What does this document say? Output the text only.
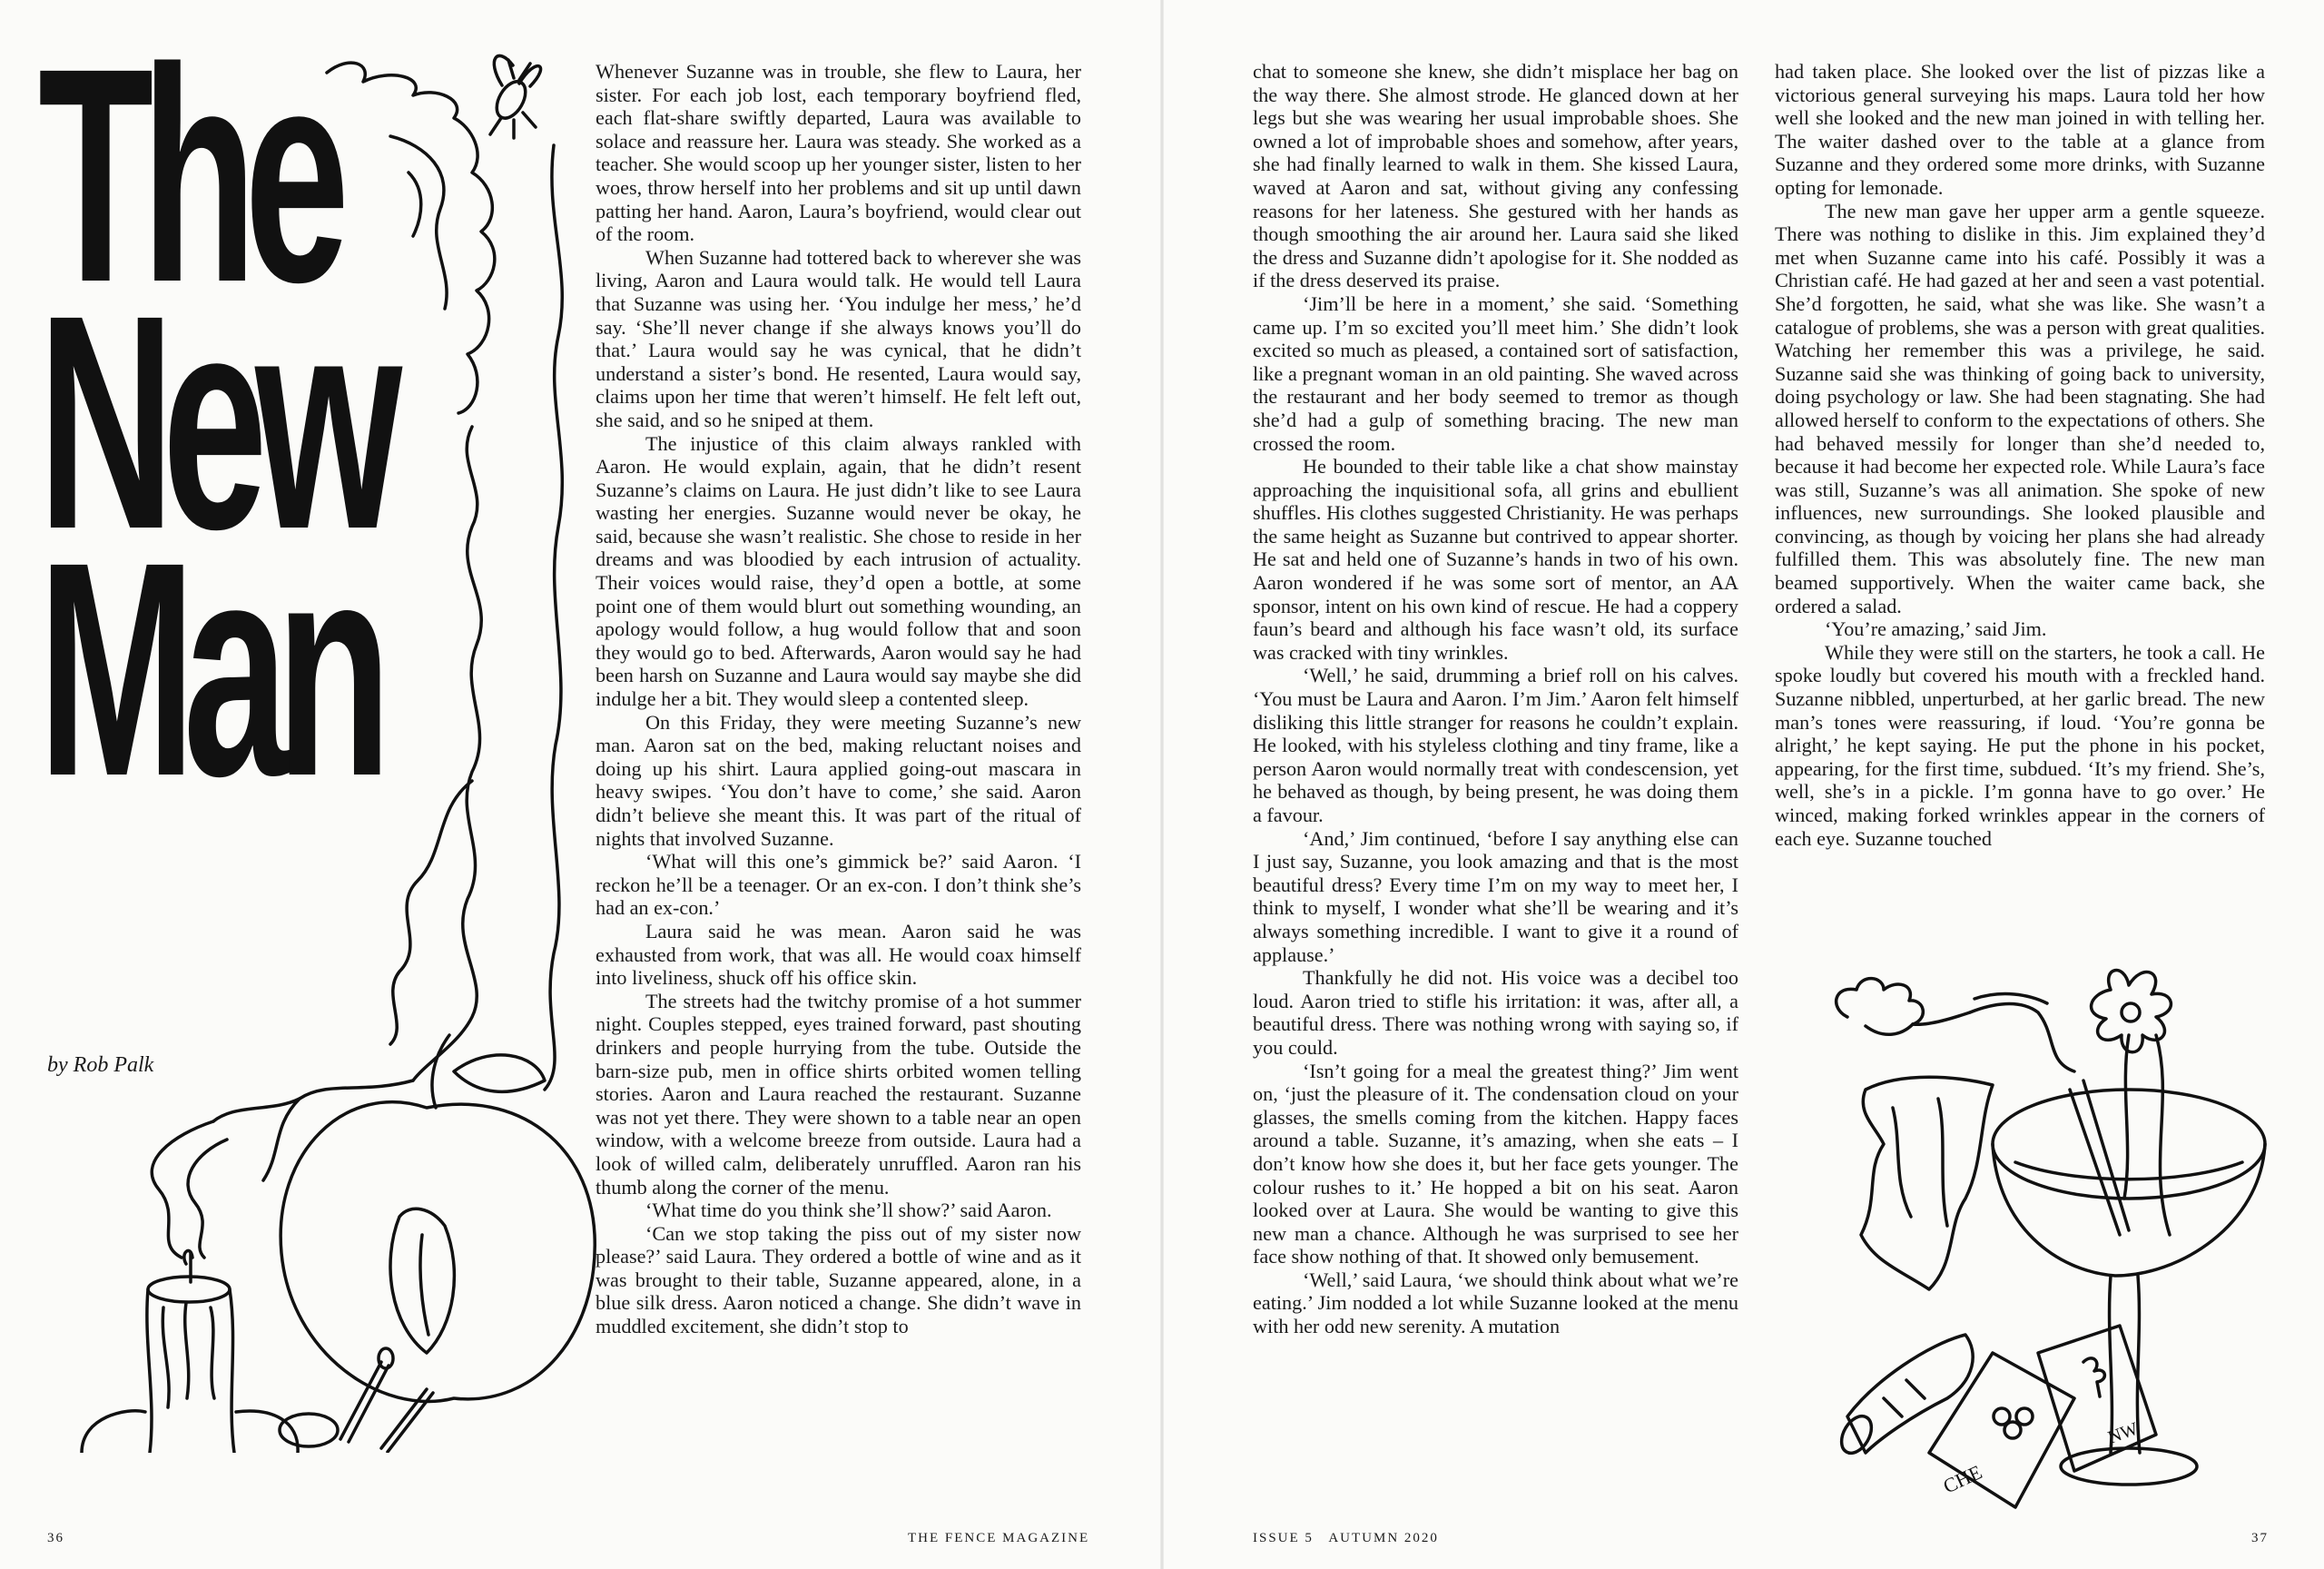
The
New
Man
by Rob Palk

Whenever Suzanne was in trouble, she flew to Laura, her sister. For each job lost, each temporary boyfriend fled, each flat-share swiftly departed, Laura was available to solace and reassure her. Laura was steady. She worked as a teacher. She would scoop up her younger sister, listen to her woes, throw herself into her problems and sit up until dawn patting her hand. Aaron, Laura’s boyfriend, would clear out of the room.

When Suzanne had tottered back to wherever she was living, Aaron and Laura would talk. He would tell Laura that Suzanne was using her. ‘You indulge her mess,’ he’d say. ‘She’ll never change if she always knows you’ll do that.’ Laura would say he was cynical, that he didn’t understand a sister’s bond. He resented, Laura would say, claims upon her time that weren’t himself. He felt left out, she said, and so he sniped at them.

The injustice of this claim always rankled with Aaron. He would explain, again, that he didn’t resent Suzanne’s claims on Laura. He just didn’t like to see Laura wasting her energies. Suzanne would never be okay, he said, because she wasn’t realistic. She chose to reside in her dreams and was bloodied by each intrusion of actuality. Their voices would raise, they’d open a bottle, at some point one of them would blurt out something wounding, an apology would follow, a hug would follow that and soon they would go to bed. Afterwards, Aaron would say he had been harsh on Suzanne and Laura would say maybe she did indulge her a bit. They would sleep a contented sleep.

On this Friday, they were meeting Suzanne’s new man. Aaron sat on the bed, making reluctant noises and doing up his shirt. Laura applied going-out mascara in heavy swipes. ‘You don’t have to come,’ she said. Aaron didn’t believe she meant this. It was part of the ritual of nights that involved Suzanne.

‘What will this one’s gimmick be?’ said Aaron. ‘I reckon he’ll be a teenager. Or an ex-con. I don’t think she’s had an ex-con.’

Laura said he was mean. Aaron said he was exhausted from work, that was all. He would coax himself into liveliness, shuck off his office skin.

The streets had the twitchy promise of a hot summer night. Couples stepped, eyes trained forward, past shouting drinkers and people hurrying from the tube. Outside the barn-size pub, men in office shirts orbited women telling stories. Aaron and Laura reached the restaurant. Suzanne was not yet there. They were shown to a table near an open window, with a welcome breeze from outside. Laura had a look of willed calm, deliberately unruffled. Aaron ran his thumb along the corner of the menu.

‘What time do you think she’ll show?’ said Aaron.

‘Can we stop taking the piss out of my sister now please?’ said Laura. They ordered a bottle of wine and as it was brought to their table, Suzanne appeared, alone, in a blue silk dress. Aaron noticed a change. She didn’t wave in muddled excitement, she didn’t stop to

chat to someone she knew, she didn’t misplace her bag on the way there. She almost strode. He glanced down at her legs but she was wearing her usual improbable shoes. She owned a lot of improbable shoes and somehow, after years, she had finally learned to walk in them. She kissed Laura, waved at Aaron and sat, without giving any confessing reasons for her lateness. She gestured with her hands as though smoothing the air around her. Laura said she liked the dress and Suzanne didn’t apologise for it. She nodded as if the dress deserved its praise.

‘Jim’ll be here in a moment,’ she said. ‘Something came up. I’m so excited you’ll meet him.’ She didn’t look excited so much as pleased, a contained sort of satisfaction, like a pregnant woman in an old painting. She waved across the restaurant and her body seemed to tremor as though she’d had a gulp of something bracing. The new man crossed the room.

He bounded to their table like a chat show mainstay approaching the inquisitional sofa, all grins and ebullient shuffles. His clothes suggested Christianity. He was perhaps the same height as Suzanne but contrived to appear shorter. He sat and held one of Suzanne’s hands in two of his own. Aaron wondered if he was some sort of mentor, an AA sponsor, intent on his own kind of rescue. He had a coppery faun’s beard and although his face wasn’t old, its surface was cracked with tiny wrinkles.

‘Well,’ he said, drumming a brief roll on his calves. ‘You must be Laura and Aaron. I’m Jim.’ Aaron felt himself disliking this little stranger for reasons he couldn’t explain. He looked, with his styleless clothing and tiny frame, like a person Aaron would normally treat with condescension, yet he behaved as though, by being present, he was doing them a favour.

‘And,’ Jim continued, ‘before I say anything else can I just say, Suzanne, you look amazing and that is the most beautiful dress? Every time I’m on my way to meet her, I think to myself, I wonder what she’ll be wearing and it’s always something incredible. I want to give it a round of applause.’

Thankfully he did not. His voice was a decibel too loud. Aaron tried to stifle his irritation: it was, after all, a beautiful dress. There was nothing wrong with saying so, if you could.

‘Isn’t going for a meal the greatest thing?’ Jim went on, ‘just the pleasure of it. The condensation cloud on your glasses, the smells coming from the kitchen. Happy faces around a table. Suzanne, it’s amazing, when she eats – I don’t know how she does it, but her face gets younger. The colour rushes to it.’ He hopped a bit on his seat. Aaron looked over at Laura. She would be wanting to give this new man a chance. Although he was surprised to see her face show nothing of that. It showed only bemusement.

‘Well,’ said Laura, ‘we should think about what we’re eating.’ Jim nodded a lot while Suzanne looked at the menu with her odd new serenity. A mutation

had taken place. She looked over the list of pizzas like a victorious general surveying his maps. Laura told her how well she looked and the new man joined in with telling her. The waiter dashed over to the table at a glance from Suzanne and they ordered some more drinks, with Suzanne opting for lemonade.

The new man gave her upper arm a gentle squeeze. There was nothing to dislike in this. Jim explained they’d met when Suzanne came into his café. Possibly it was a Christian café. He had gazed at her and seen a vast potential. She’d forgotten, he said, what she was like. She wasn’t a catalogue of problems, she was a person with great qualities. Watching her remember this was a privilege, he said. Suzanne said she was thinking of going back to university, doing psychology or law. She had been stagnating. She had allowed herself to conform to the expectations of others. She had behaved messily for longer than she’d needed to, because it had become her expected role. While Laura’s face was still, Suzanne’s was all animation. She spoke of new influences, new surroundings. She looked plausible and convincing, as though by voicing her plans she had already fulfilled them. This was absolutely fine. The new man beamed supportively. When the waiter came back, she ordered a salad.

‘You’re amazing,’ said Jim.

While they were still on the starters, he took a call. He spoke loudly but covered his mouth with a freckled hand. Suzanne nibbled, unperturbed, at her garlic bread. The new man’s tones were reassuring, if loud. ‘You’re gonna be alright,’ he kept saying. He put the phone in his pocket, appearing, for the first time, subdued. ‘It’s my friend. She’s, well, she’s in a pickle. I’m gonna have to go over.’ He winced, making forked wrinkles appear in the corners of each eye. Suzanne touched

CHE
NW
36	THE FENCE MAGAZINE	ISSUE 5   AUTUMN 2020	37
